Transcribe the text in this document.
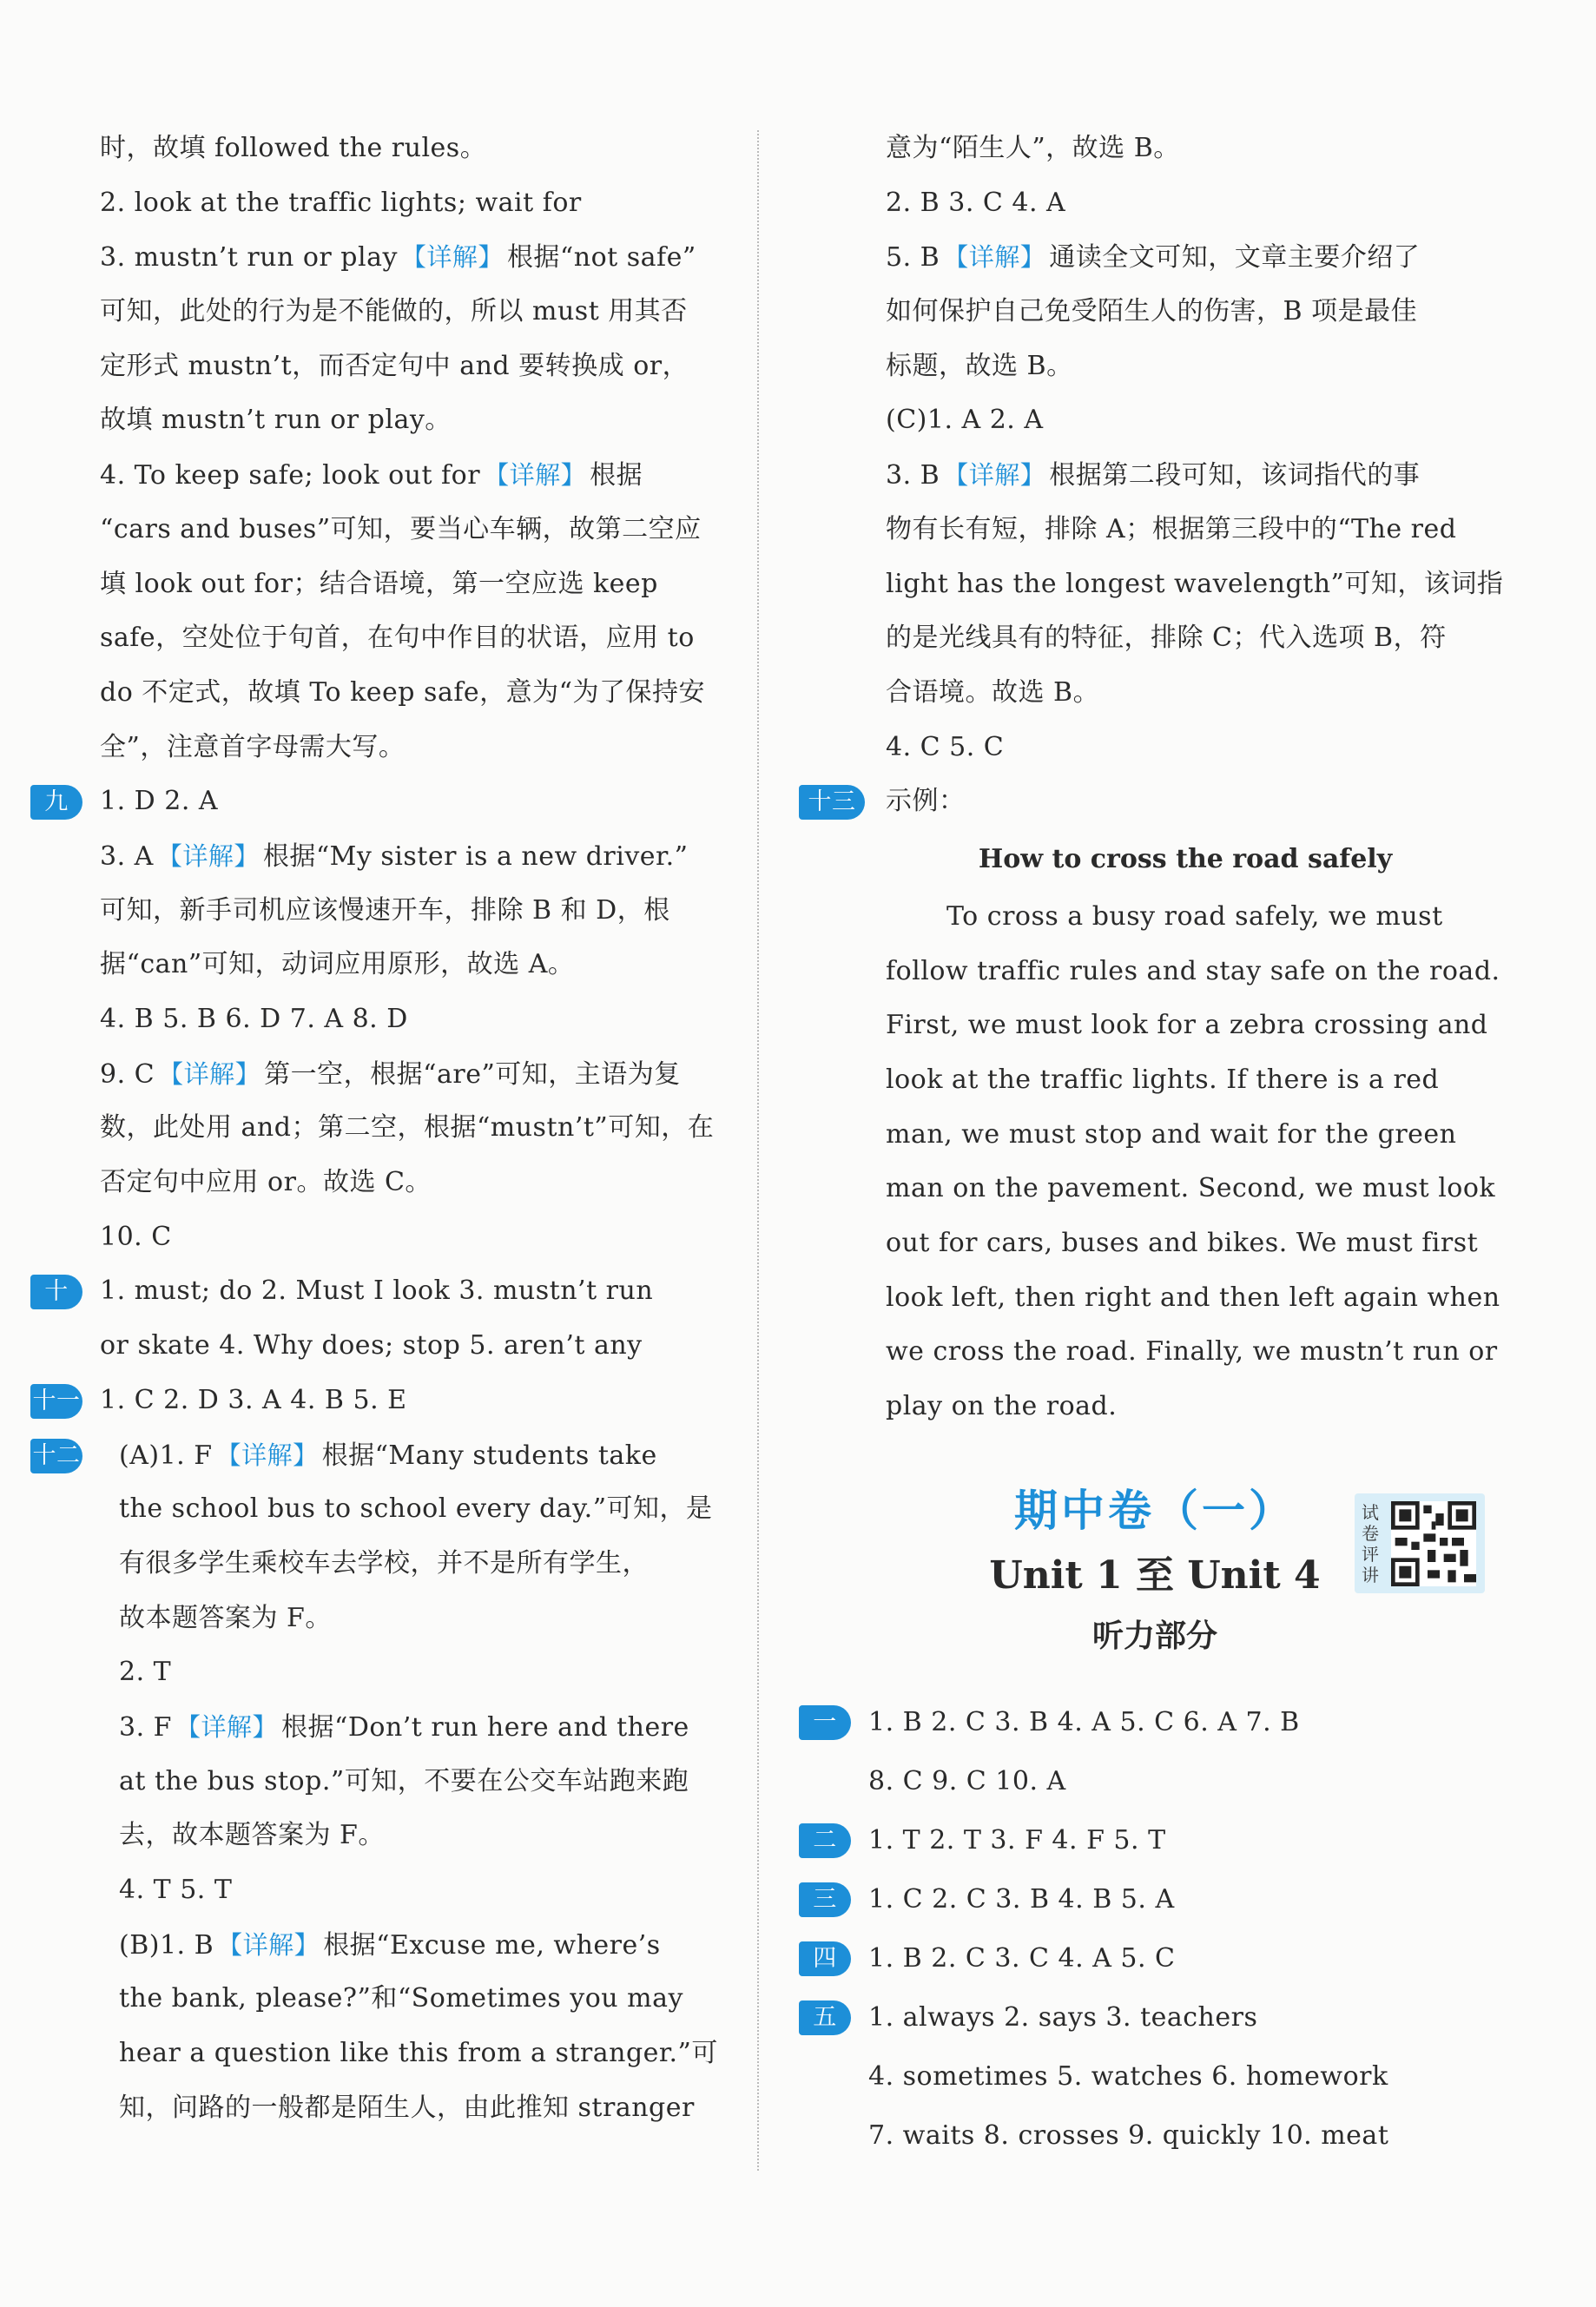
时，故填 followed the rules。
2. look at the traffic lights; wait for
3. mustn’t run or play 【详解】 根据“not safe”
可知，此处的行为是不能做的，所以 must 用其否
定形式 mustn’t，而否定句中 and 要转换成 or，
故填 mustn’t run or play。
4. To keep safe; look out for 【详解】 根据
“cars and buses”可知，要当心车辆，故第二空应
填 look out for；结合语境，第一空应选 keep
safe，空处位于句首，在句中作目的状语，应用 to
do 不定式，故填 To keep safe，意为“为了保持安
全”，注意首字母需大写。
九	1. D 2. A
3. A 【详解】 根据“My sister is a new driver.”
可知，新手司机应该慢速开车，排除 B 和 D，根
据“can”可知，动词应用原形，故选 A。
4. B 5. B 6. D 7. A 8. D
9. C 【详解】 第一空，根据“are”可知，主语为复
数，此处用 and；第二空，根据“mustn’t”可知，在
否定句中应用 or。故选 C。
10. C
十	1. must; do 2. Must I look 3. mustn’t run
or skate 4. Why does; stop 5. aren’t any
十一 1. C 2. D 3. A 4. B 5. E
十二 (A)1. F 【详解】 根据“Many students take
the school bus to school every day.”可知，是
有很多学生乘校车去学校，并不是所有学生，
故本题答案为 F。
2. T
3. F 【详解】 根据“Don’t run here and there
at the bus stop.”可知，不要在公交车站跑来跑
去，故本题答案为 F。
4. T 5. T
(B)1. B 【详解】 根据“Excuse me, where’s
the bank, please?”和“Sometimes you may
hear a question like this from a stranger.”可
知，问路的一般都是陌生人，由此推知 stranger
意为“陌生人”，故选 B。
2. B 3. C 4. A
5. B 【详解】 通读全文可知，文章主要介绍了
如何保护自己免受陌生人的伤害，B 项是最佳
标题，故选 B。
(C)1. A 2. A
3. B 【详解】 根据第二段可知，该词指代的事
物有长有短，排除 A；根据第三段中的“The red
light has the longest wavelength”可知，该词指
的是光线具有的特征，排除 C；代入选项 B，符
合语境。故选 B。
4. C 5. C
十三	示例：
How to cross the road safely
To cross a busy road safely, we must
follow traffic rules and stay safe on the road.
First, we must look for a zebra crossing and
look at the traffic lights. If there is a red
man, we must stop and wait for the green
man on the pavement. Second, we must look
out for cars, buses and bikes. We must first
look left, then right and then left again when
we cross the road. Finally, we mustn’t run or
play on the road.
期中卷（一）
Unit 1 至 Unit 4
听力部分
试卷评讲
一	1. B 2. C 3. B 4. A 5. C 6. A 7. B
8. C 9. C 10. A
二	1. T 2. T 3. F 4. F 5. T
三	1. C 2. C 3. B 4. B 5. A
四	1. B 2. C 3. C 4. A 5. C
五	1. always 2. says 3. teachers
4. sometimes 5. watches 6. homework
7. waits 8. crosses 9. quickly 10. meat
